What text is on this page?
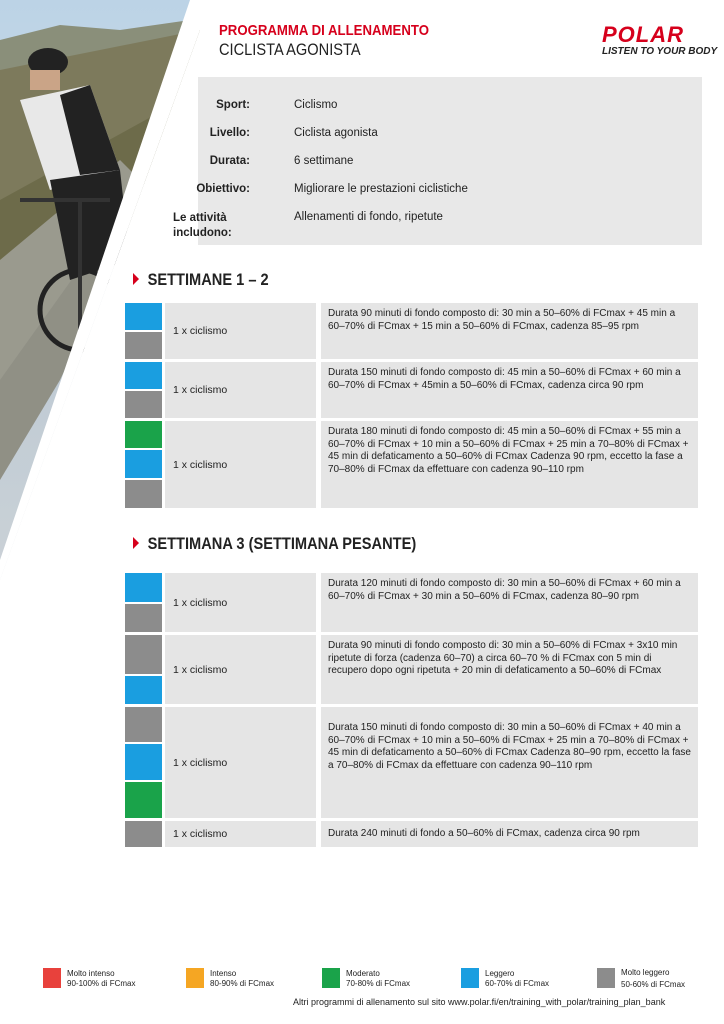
PROGRAMMA DI ALLENAMENTO
CICLISTA AGONISTA
POLAR
LISTEN TO YOUR BODY
Sport:	Ciclismo
Livello:	Ciclista agonista
Durata:	6 settimane
Obiettivo:	Migliorare le prestazioni ciclistiche
Le attività includono:
Allenamenti di fondo, ripetute
SETTIMANE 1 – 2
1 x ciclismo
Durata 90 minuti di fondo composto di: 30 min a 50–60% di FCmax + 45 min a 60–70% di FCmax + 15 min a 50–60% di FCmax, cadenza 85–95 rpm
1 x ciclismo
Durata 150 minuti di fondo composto di: 45 min a 50–60% di FCmax + 60 min a 60–70% di FCmax + 45min a 50–60% di FCmax, cadenza circa 90 rpm
1 x ciclismo
Durata 180 minuti di fondo composto di: 45 min a 50–60% di FCmax + 55 min a 60–70% di FCmax + 10 min a 50–60% di FCmax + 25 min a 70–80% di FCmax + 45 min di defaticamento a 50–60% di FCmax Cadenza 90 rpm, eccetto la fase a 70–80% di FCmax da effettuare con cadenza 90–110 rpm
SETTIMANA 3 (SETTIMANA PESANTE)
1 x ciclismo
Durata 120 minuti di fondo composto di: 30 min a 50–60% di FCmax + 60 min a 60–70% di FCmax + 30 min a 50–60% di FCmax, cadenza 80–90 rpm
1 x ciclismo
Durata 90 minuti di fondo composto di: 30 min a 50–60% di FCmax + 3x10 min ripetute di forza (cadenza 60–70) a circa 60–70 % di FCmax con 5 min di recupero dopo ogni ripetuta + 20 min di defaticamento a 50–60% di FCmax
1 x ciclismo
Durata 150 minuti di fondo composto di: 30 min a 50–60% di FCmax + 40 min a 60–70% di FCmax + 10 min a 50–60% di FCmax + 25 min a 70–80% di FCmax + 45 min di defaticamento a 50–60% di FCmax Cadenza 80–90 rpm, eccetto la fase a 70–80% di FCmax da effettuare con cadenza 90–110 rpm
1 x ciclismo	Durata 240 minuti di fondo a 50–60% di FCmax, cadenza circa 90 rpm
Molto intenso
90-100% di FCmax
Intenso
80-90% di FCmax
Moderato
70-80% di FCmax
Leggero
60-70% di FCmax
Molto leggero
50-60% di FCmax
Altri programmi di allenamento sul sito www.polar.fi/en/training_with_polar/training_plan_bank
